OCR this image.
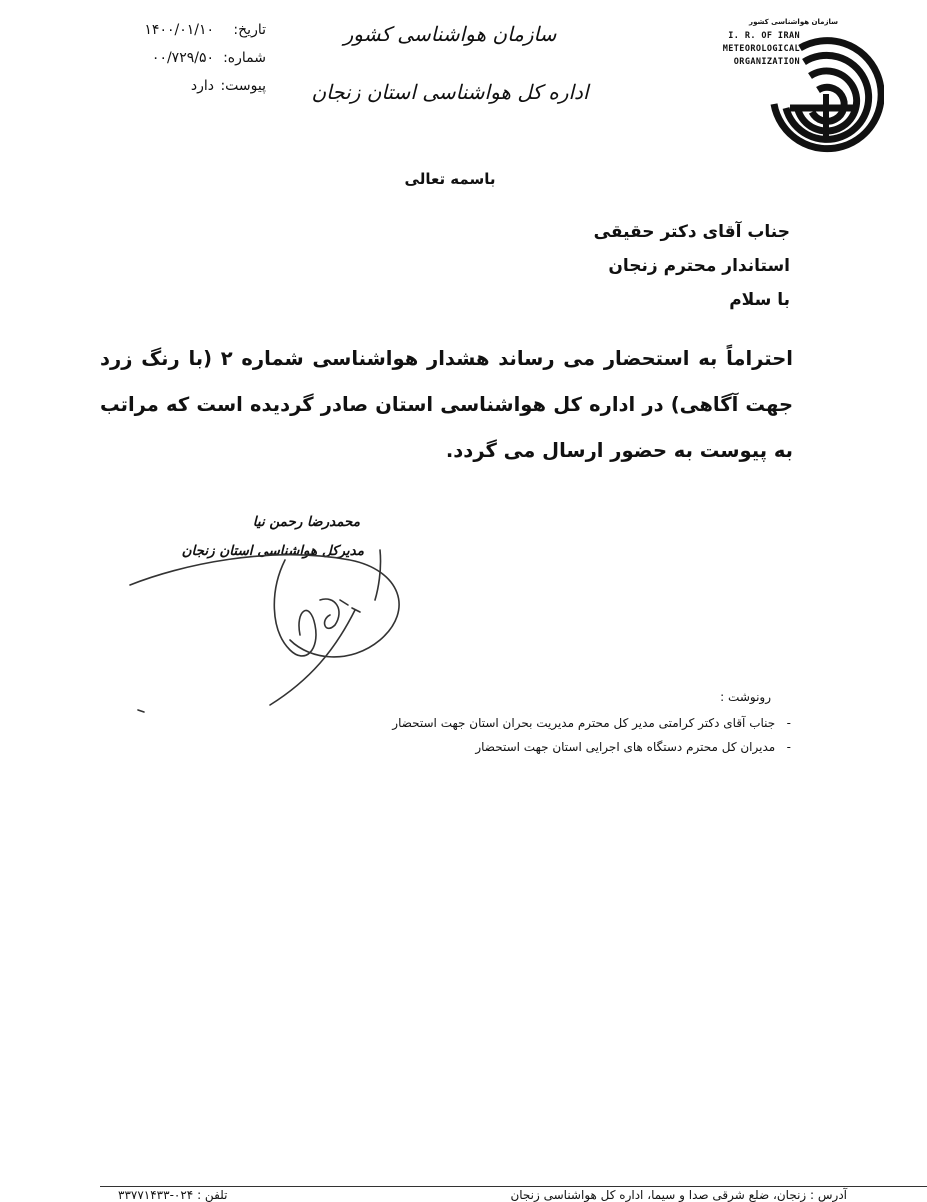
سازمان هواشناسی کشور
I. R. OF IRAN
METEOROLOGICAL
ORGANIZATION
سازمان هواشناسی کشور
اداره کل هواشناسی استان زنجان
تاریخ:
۱۴۰۰/۰۱/۱۰
شماره:
۰۰/۷۲۹/۵۰
پیوست:
دارد
باسمه تعالی
جناب آقای دکتر حقیقی
استاندار محترم زنجان
با سلام
احتراماً به استحضار می رساند هشدار هواشناسی شماره ۲ (با رنگ زرد جهت آگاهی) در اداره کل هواشناسی استان صادر گردیده است که مراتب به پیوست به حضور ارسال می گردد.
محمدرضا رحمن نیا
مدیرکل هواشناسی استان زنجان
رونوشت :
-   جناب آقای دکتر کرامتی مدیر کل محترم مدیریت بحران استان جهت استحضار
-   مدیران کل محترم دستگاه های اجرایی استان جهت استحضار
آدرس : زنجان، ضلع شرقی صدا و سیما، اداره کل هواشناسی زنجان
تلفن : ۰۲۴-۳۳۷۷۱۴۳۳
